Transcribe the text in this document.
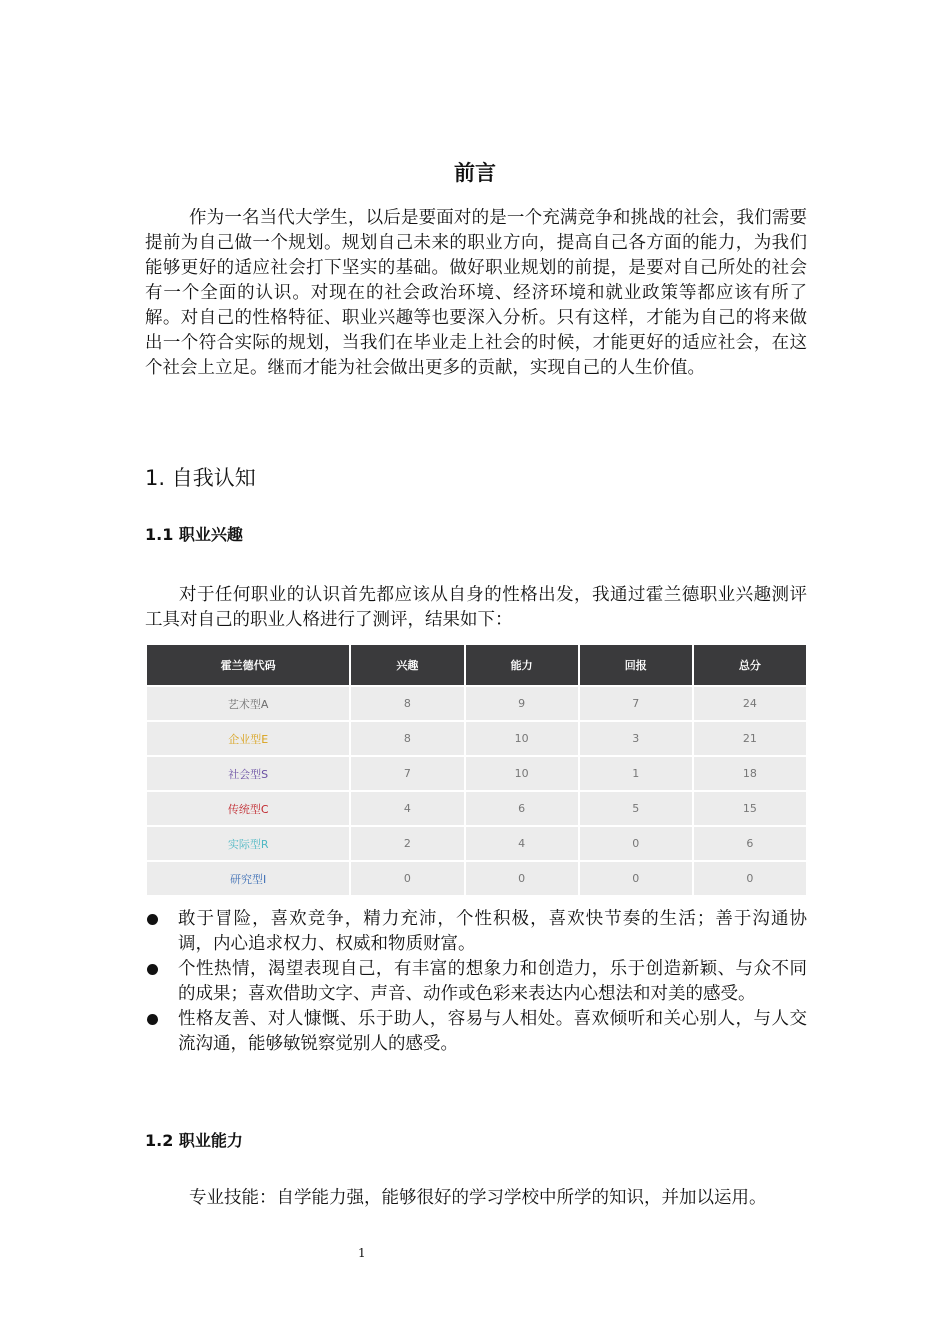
前言

作为一名当代大学生，以后是要面对的是一个充满竞争和挑战的社会，我们需要提前为自己做一个规划。规划自己未来的职业方向，提高自己各方面的能力，为我们能够更好的适应社会打下坚实的基础。做好职业规划的前提，是要对自己所处的社会有一个全面的认识。对现在的社会政治环境、经济环境和就业政策等都应该有所了解。对自己的性格特征、职业兴趣等也要深入分析。只有这样，才能为自己的将来做出一个符合实际的规划，当我们在毕业走上社会的时候，才能更好的适应社会，在这个社会上立足。继而才能为社会做出更多的贡献，实现自己的人生价值。

1. 自我认知
1.1 职业兴趣

对于任何职业的认识首先都应该从自身的性格出发，我通过霍兰德职业兴趣测评工具对自己的职业人格进行了测评，结果如下：

霍兰德代码	兴趣	能力	回报	总分
艺术型A	8	9	7	24
企业型E	8	10	3	21
社会型S	7	10	1	18
传统型C	4	6	5	15
实际型R	2	4	0	6
研究型I	0	0	0	0
敢于冒险，喜欢竞争，精力充沛，个性积极，喜欢快节奏的生活；善于沟通协调，内心追求权力、权威和物质财富。
个性热情，渴望表现自己，有丰富的想象力和创造力，乐于创造新颖、与众不同的成果；喜欢借助文字、声音、动作或色彩来表达内心想法和对美的感受。
性格友善、对人慷慨、乐于助人，容易与人相处。喜欢倾听和关心别人，与人交流沟通，能够敏锐察觉别人的感受。
1.2 职业能力

专业技能：自学能力强，能够很好的学习学校中所学的知识，并加以运用。

1
